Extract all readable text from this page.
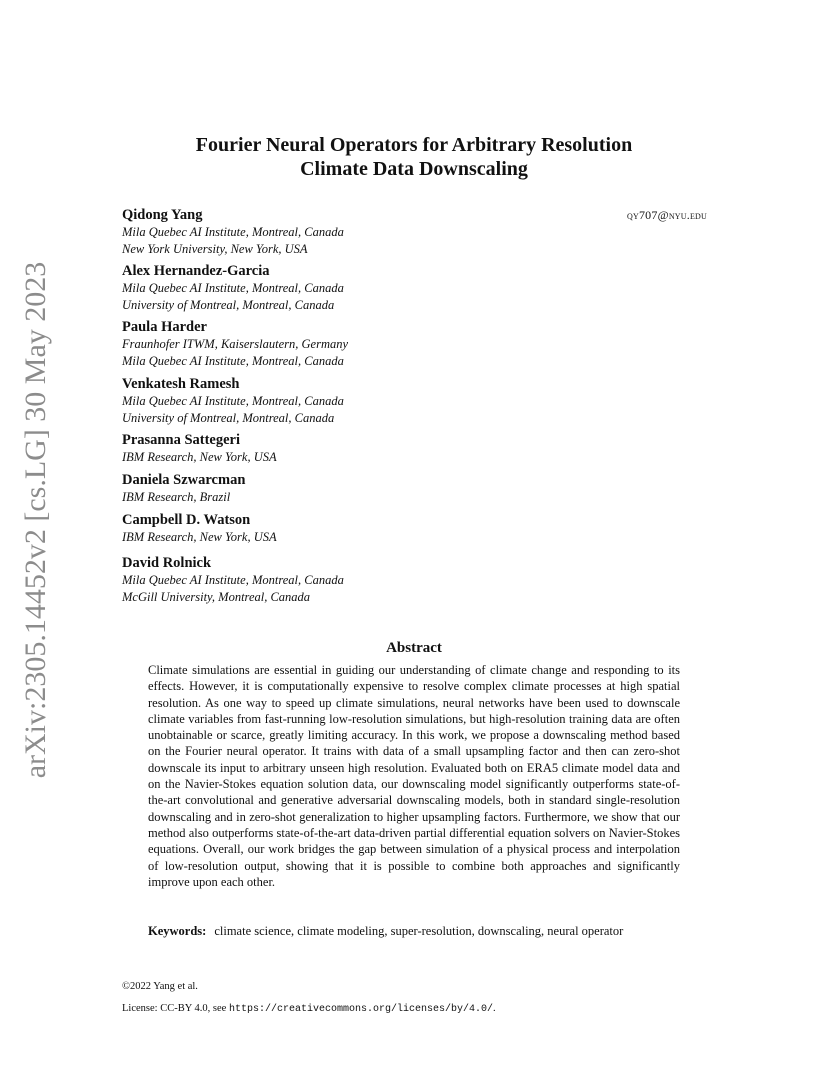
arXiv:2305.14452v2 [cs.LG] 30 May 2023
Fourier Neural Operators for Arbitrary Resolution
Climate Data Downscaling
qy707@nyu.edu
Qidong Yang
Mila Quebec AI Institute, Montreal, Canada
New York University, New York, USA
Alex Hernandez-Garcia
Mila Quebec AI Institute, Montreal, Canada
University of Montreal, Montreal, Canada
Paula Harder
Fraunhofer ITWM, Kaiserslautern, Germany
Mila Quebec AI Institute, Montreal, Canada
Venkatesh Ramesh
Mila Quebec AI Institute, Montreal, Canada
University of Montreal, Montreal, Canada
Prasanna Sattegeri
IBM Research, New York, USA
Daniela Szwarcman
IBM Research, Brazil
Campbell D. Watson
IBM Research, New York, USA
David Rolnick
Mila Quebec AI Institute, Montreal, Canada
McGill University, Montreal, Canada
Abstract
Climate simulations are essential in guiding our understanding of climate change and responding to its effects. However, it is computationally expensive to resolve complex climate processes at high spatial resolution. As one way to speed up climate simulations, neural networks have been used to downscale climate variables from fast-running low-resolution simulations, but high-resolution training data are often unobtainable or scarce, greatly limiting accuracy. In this work, we propose a downscaling method based on the Fourier neural operator. It trains with data of a small upsampling factor and then can zero-shot downscale its input to arbitrary unseen high resolution. Evaluated both on ERA5 climate model data and on the Navier-Stokes equation solution data, our downscaling model significantly outperforms state-of-the-art convolutional and generative adversarial downscaling models, both in standard single-resolution downscaling and in zero-shot generalization to higher upsampling factors. Furthermore, we show that our method also outperforms state-of-the-art data-driven partial differential equation solvers on Navier-Stokes equations. Overall, our work bridges the gap between simulation of a physical process and interpolation of low-resolution output, showing that it is possible to combine both approaches and significantly improve upon each other.
Keywords: climate science, climate modeling, super-resolution, downscaling, neural operator
©2022 Yang et al.
License: CC-BY 4.0, see https://creativecommons.org/licenses/by/4.0/.
